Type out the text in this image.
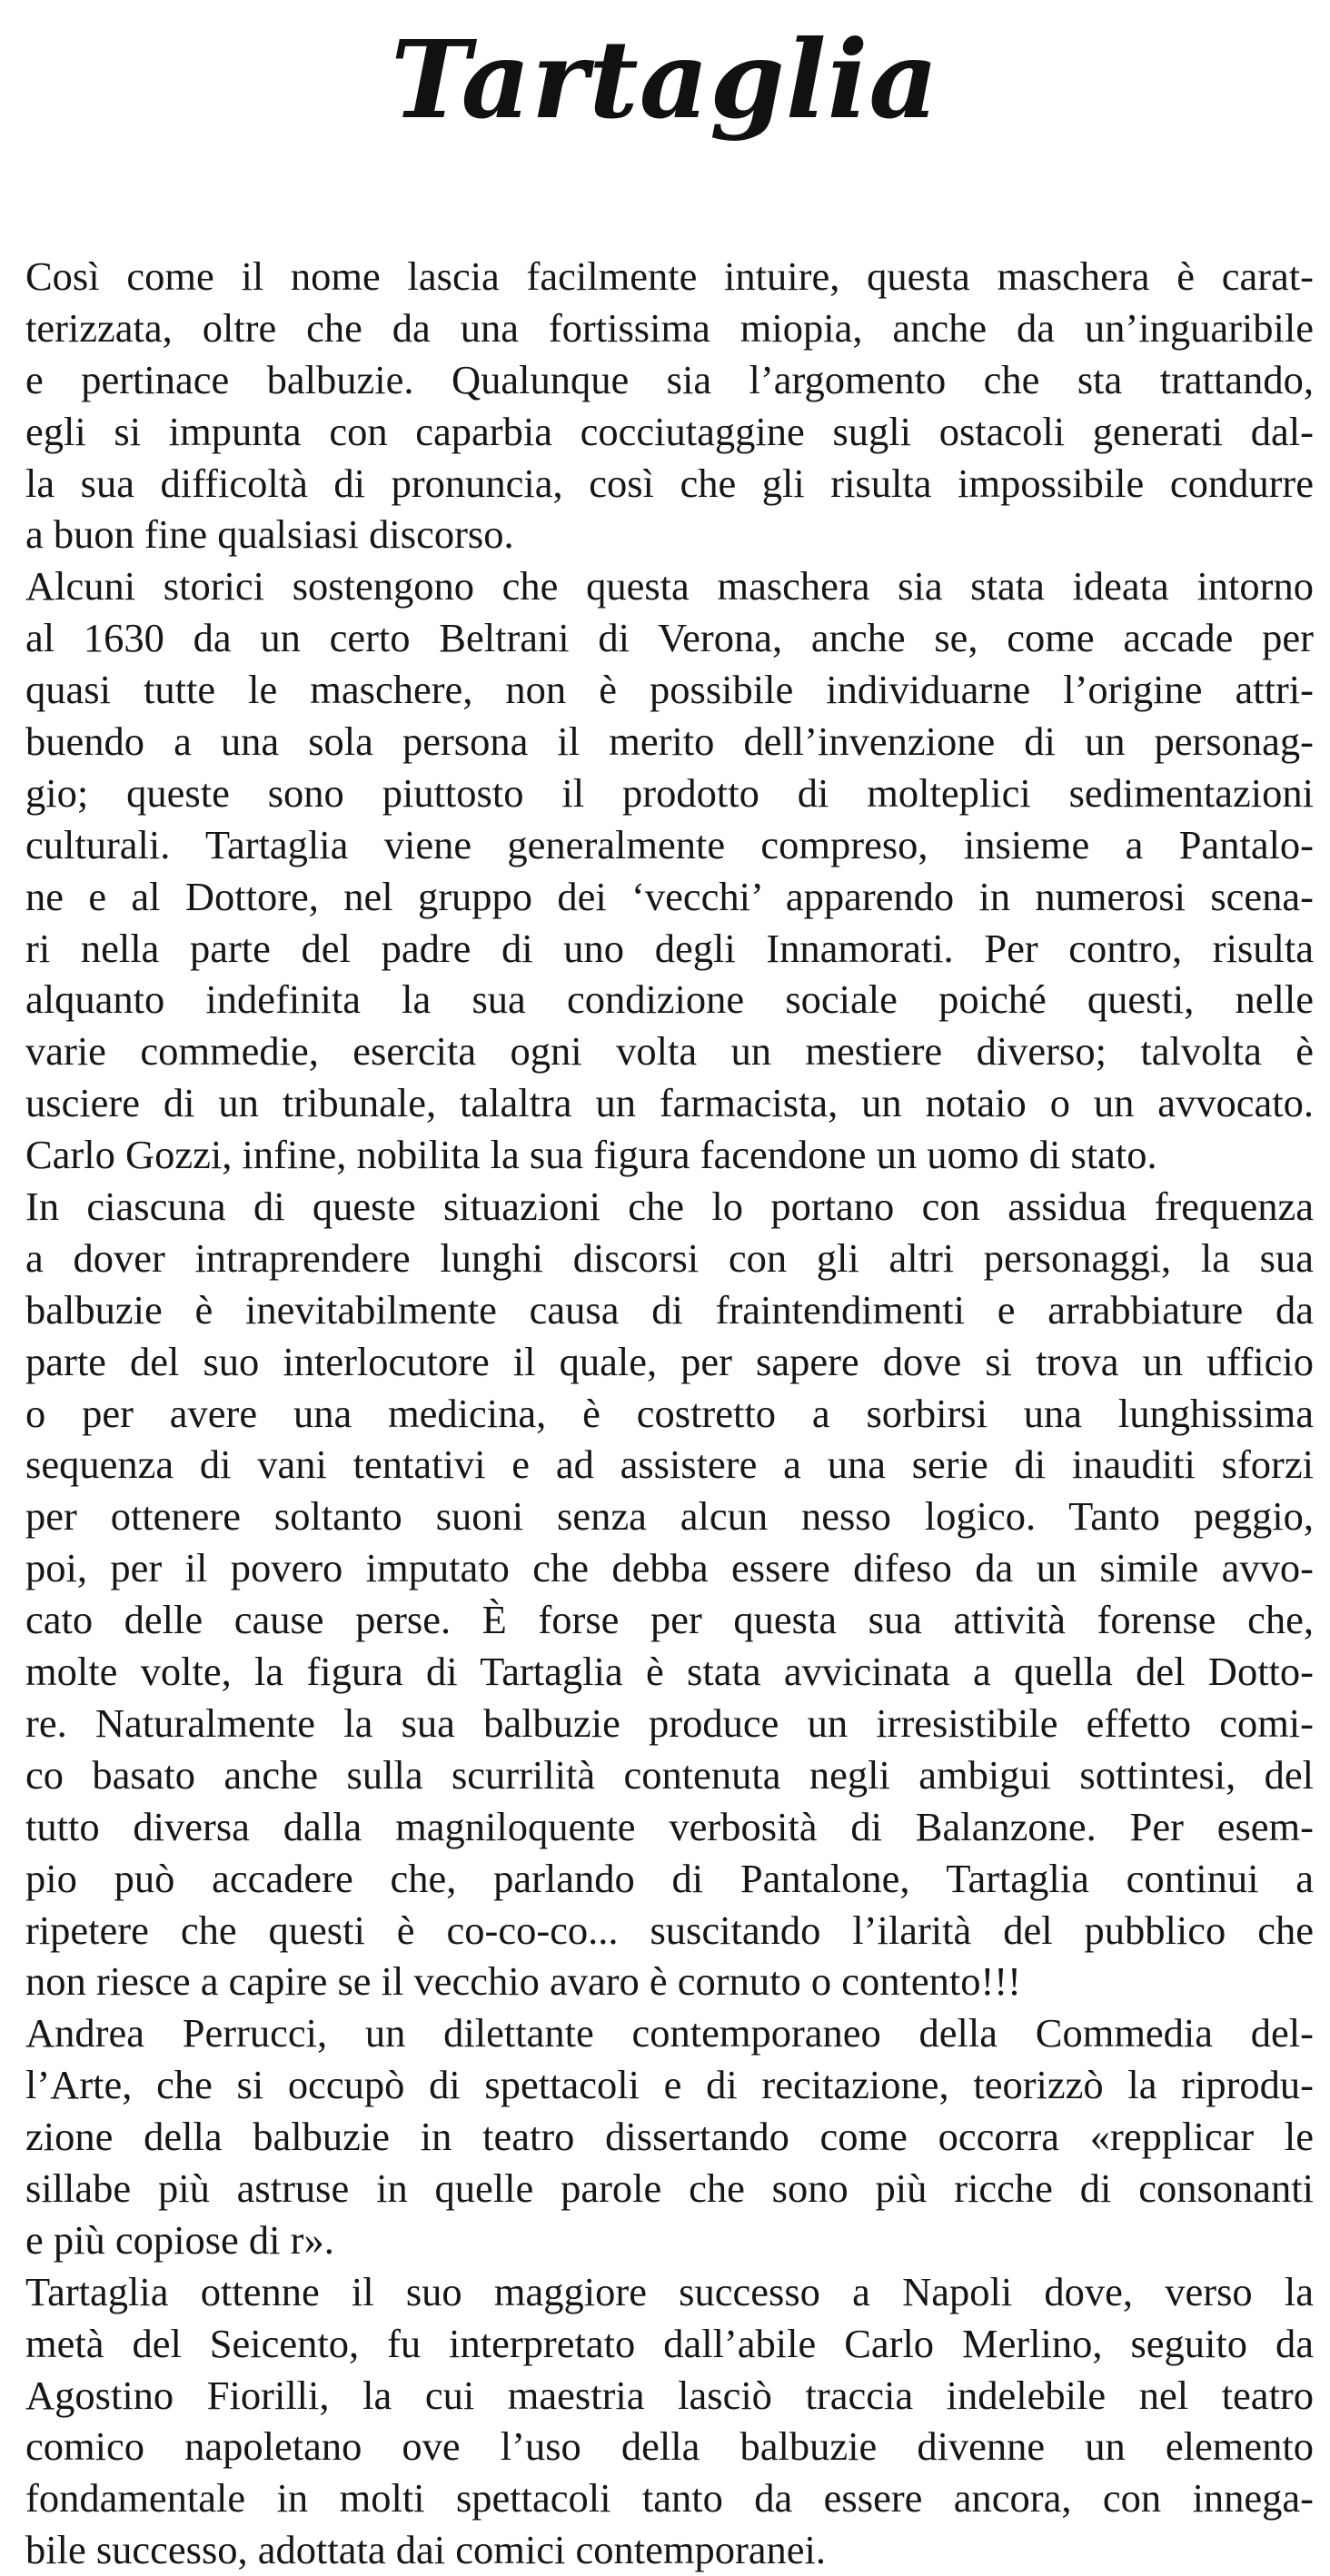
Tartaglia
Così come il nome lascia facilmente intuire, questa maschera è carat-
terizzata, oltre che da una fortissima miopia, anche da un’inguaribile
e pertinace balbuzie. Qualunque sia l’argomento che sta trattando,
egli si impunta con caparbia cocciutaggine sugli ostacoli generati dal-
la sua difficoltà di pronuncia, così che gli risulta impossibile condurre
a buon fine qualsiasi discorso.
Alcuni storici sostengono che questa maschera sia stata ideata intorno
al 1630 da un certo Beltrani di Verona, anche se, come accade per
quasi tutte le maschere, non è possibile individuarne l’origine attri-
buendo a una sola persona il merito dell’invenzione di un personag-
gio; queste sono piuttosto il prodotto di molteplici sedimentazioni
culturali. Tartaglia viene generalmente compreso, insieme a Pantalo-
ne e al Dottore, nel gruppo dei ‘vecchi’ apparendo in numerosi scena-
ri nella parte del padre di uno degli Innamorati. Per contro, risulta
alquanto indefinita la sua condizione sociale poiché questi, nelle
varie commedie, esercita ogni volta un mestiere diverso; talvolta è
usciere di un tribunale, talaltra un farmacista, un notaio o un avvocato.
Carlo Gozzi, infine, nobilita la sua figura facendone un uomo di stato.
In ciascuna di queste situazioni che lo portano con assidua frequenza
a dover intraprendere lunghi discorsi con gli altri personaggi, la sua
balbuzie è inevitabilmente causa di fraintendimenti e arrabbiature da
parte del suo interlocutore il quale, per sapere dove si trova un ufficio
o per avere una medicina, è costretto a sorbirsi una lunghissima
sequenza di vani tentativi e ad assistere a una serie di inauditi sforzi
per ottenere soltanto suoni senza alcun nesso logico. Tanto peggio,
poi, per il povero imputato che debba essere difeso da un simile avvo-
cato delle cause perse. È forse per questa sua attività forense che,
molte volte, la figura di Tartaglia è stata avvicinata a quella del Dotto-
re. Naturalmente la sua balbuzie produce un irresistibile effetto comi-
co basato anche sulla scurrilità contenuta negli ambigui sottintesi, del
tutto diversa dalla magniloquente verbosità di Balanzone. Per esem-
pio può accadere che, parlando di Pantalone, Tartaglia continui a
ripetere che questi è co-co-co... suscitando l’ilarità del pubblico che
non riesce a capire se il vecchio avaro è cornuto o contento!!!
Andrea Perrucci, un dilettante contemporaneo della Commedia del-
l’Arte, che si occupò di spettacoli e di recitazione, teorizzò la riprodu-
zione della balbuzie in teatro dissertando come occorra «repplicar le
sillabe più astruse in quelle parole che sono più ricche di consonanti
e più copiose di r».
Tartaglia ottenne il suo maggiore successo a Napoli dove, verso la
metà del Seicento, fu interpretato dall’abile Carlo Merlino, seguito da
Agostino Fiorilli, la cui maestria lasciò traccia indelebile nel teatro
comico napoletano ove l’uso della balbuzie divenne un elemento
fondamentale in molti spettacoli tanto da essere ancora, con innega-
bile successo, adottata dai comici contemporanei.
